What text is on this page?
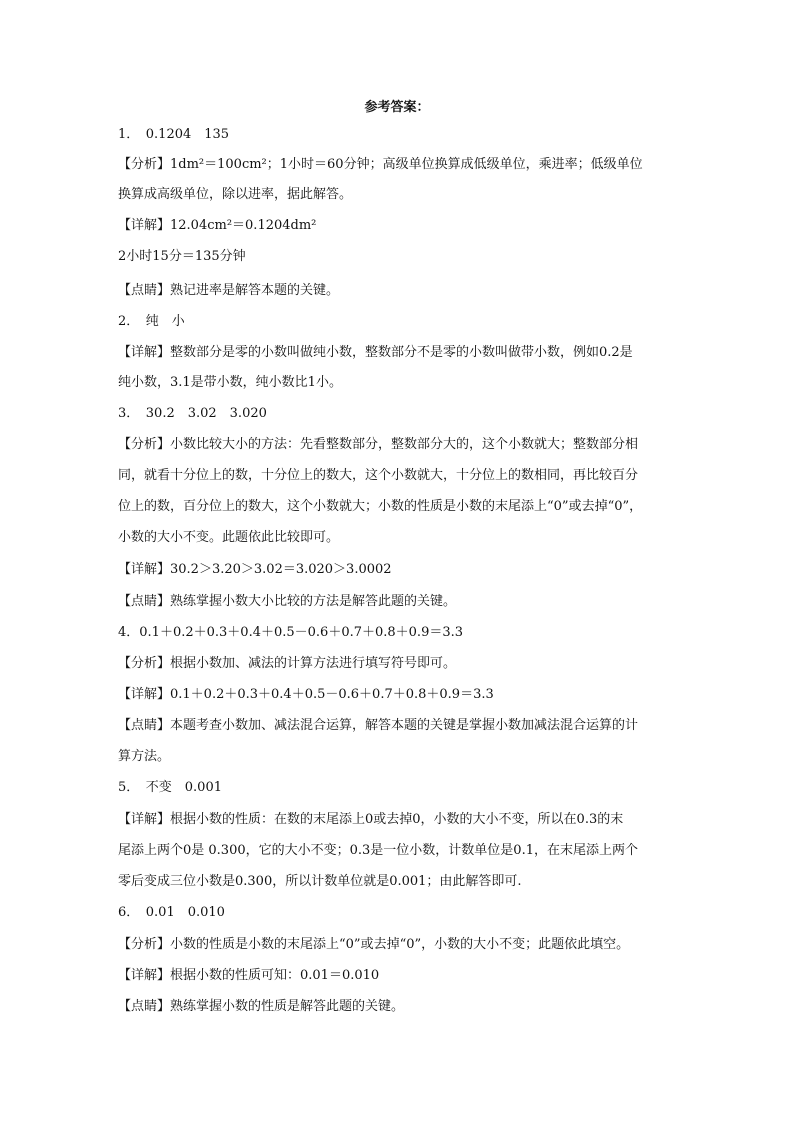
参考答案：
1．　0.1204　135
【分析】1dm²＝100cm²；1小时＝60分钟；高级单位换算成低级单位，乘进率；低级单位
换算成高级单位，除以进率，据此解答。
【详解】12.04cm²＝0.1204dm²
2小时15分＝135分钟
【点睛】熟记进率是解答本题的关键。
2．　纯　小
【详解】整数部分是零的小数叫做纯小数，整数部分不是零的小数叫做带小数，例如0.2是
纯小数，3.1是带小数，纯小数比1小。
3．　30.2　3.02　3.020
【分析】小数比较大小的方法：先看整数部分，整数部分大的，这个小数就大；整数部分相
同，就看十分位上的数，十分位上的数大，这个小数就大，十分位上的数相同，再比较百分
位上的数，百分位上的数大，这个小数就大；小数的性质是小数的末尾添上“0”或去掉“0”，
小数的大小不变。此题依此比较即可。
【详解】30.2＞3.20＞3.02＝3.020＞3.0002
【点睛】熟练掌握小数大小比较的方法是解答此题的关键。
4．0.1＋0.2＋0.3＋0.4＋0.5－0.6＋0.7＋0.8＋0.9＝3.3
【分析】根据小数加、减法的计算方法进行填写符号即可。
【详解】0.1＋0.2＋0.3＋0.4＋0.5－0.6＋0.7＋0.8＋0.9＝3.3
【点睛】本题考查小数加、减法混合运算，解答本题的关键是掌握小数加减法混合运算的计
算方法。
5．　不变　0.001
【详解】根据小数的性质：在数的末尾添上0或去掉0，小数的大小不变，所以在0.3的末
尾添上两个0是 0.300，它的大小不变；0.3是一位小数，计数单位是0.1，在末尾添上两个
零后变成三位小数是0.300，所以计数单位就是0.001；由此解答即可.
6．　0.01　0.010
【分析】小数的性质是小数的末尾添上“0”或去掉“0”，小数的大小不变；此题依此填空。
【详解】根据小数的性质可知：0.01＝0.010
【点睛】熟练掌握小数的性质是解答此题的关键。
